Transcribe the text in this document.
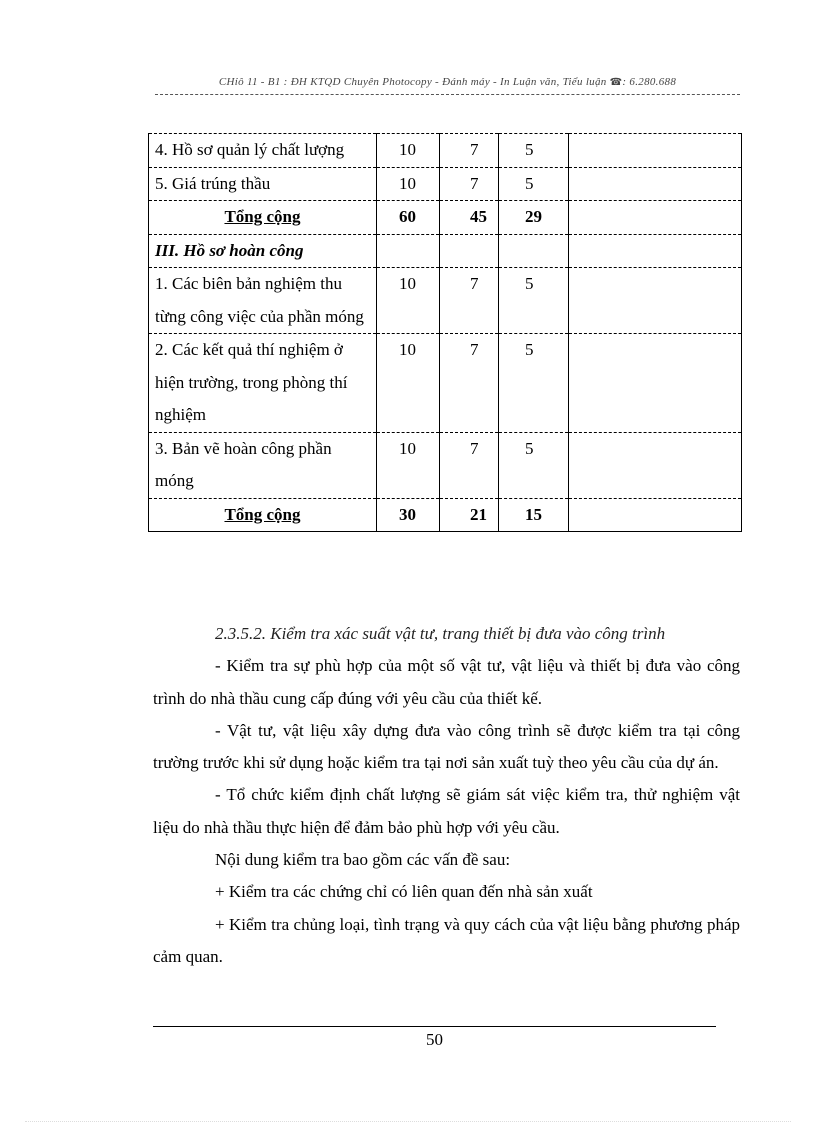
CHỉô 11 - B1 : ĐH KTQD Chuyên Photocopy - Đánh máy - In Luận văn, Tiểu luận ☎: 6.280.688
4. Hồ sơ quản lý chất lượng	10	7	5	
5. Giá trúng thầu	10	7	5	
Tổng cộng	60	45	29	
III. Hồ sơ hoàn công				
1. Các biên bản nghiệm thu từng công việc của phần móng	10	7	5	
2. Các kết quả thí nghiệm ở hiện trường, trong phòng thí nghiệm	10	7	5	
3. Bản vẽ hoàn công phần móng	10	7	5	
Tổng cộng	30	21	15	

2.3.5.2. Kiểm tra xác suất vật tư, trang thiết bị đưa vào công trình

- Kiểm tra sự phù hợp của một số vật tư, vật liệu và thiết bị đưa vào công trình do nhà thầu cung cấp đúng với yêu cầu của thiết kế.

- Vật tư, vật liệu xây dựng đưa vào công trình sẽ được kiểm tra tại công trường trước khi sử dụng hoặc kiểm tra tại nơi sản xuất tuỳ theo yêu cầu của dự án.

- Tổ chức kiểm định chất lượng sẽ giám sát việc kiểm tra, thử nghiệm vật liệu do nhà thầu thực hiện để đảm bảo phù hợp với yêu cầu.

Nội dung kiểm tra bao gồm các vấn đề sau:

+ Kiểm tra các chứng chỉ có liên quan đến nhà sản xuất

+ Kiểm tra chủng loại, tình trạng và quy cách của vật liệu bằng phương pháp cảm quan.

50
